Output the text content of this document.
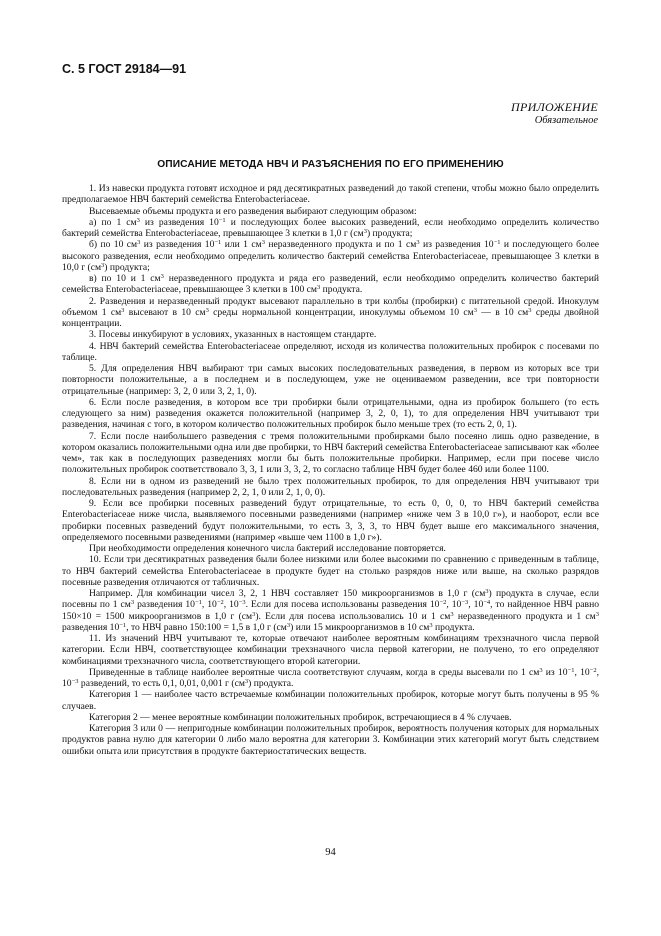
С. 5 ГОСТ 29184—91
ПРИЛОЖЕНИЕ
Обязательное
ОПИСАНИЕ МЕТОДА НВЧ И РАЗЪЯСНЕНИЯ ПО ЕГО ПРИМЕНЕНИЮ

1. Из навески продукта готовят исходное и ряд десятикратных разведений до такой степени, чтобы можно было определить предполагаемое НВЧ бактерий семейства Enterobacteriaceae.

Высеваемые объемы продукта и его разведения выбирают следующим образом:

а) по 1 $см^3$ из разведения $10^{-1}$ и последующих более высоких разведений, если необходимо определить количество бактерий семейства Enterobacteriaceae, превышающее 3 клетки в 1,0 г $(см^3)$ продукта;

б) по 10 $см^3$ из разведения $10^{-1}$ или 1 $см^3$ неразведенного продукта и по 1 $см^3$ из разведения $10^{-1}$ и последующего более высокого разведения, если необходимо определить количество бактерий семейства Enterobacteriaceae, превышающее 3 клетки в 10,0 г $(см^3)$ продукта;

в) по 10 и 1 $см^3$ неразведенного продукта и ряда его разведений, если необходимо определить количество бактерий семейства Enterobacteriaceae, превышающее 3 клетки в 100 $см^3$ продукта.

2. Разведения и неразведенный продукт высевают параллельно в три колбы (пробирки) с питательной средой. Инокулум объемом 1 $см^3$ высевают в 10 $см^3$ среды нормальной концентрации, инокулумы объемом 10 $см^3$ — в 10 $см^3$ среды двойной концентрации.

3. Посевы инкубируют в условиях, указанных в настоящем стандарте.

4. НВЧ бактерий семейства Enterobacteriaceae определяют, исходя из количества положительных пробирок с посевами по таблице.

5. Для определения НВЧ выбирают три самых высоких последовательных разведения, в первом из которых все три повторности положительные, а в последнем и в последующем, уже не оцениваемом разведении, все три повторности отрицательные (например: 3, 2, 0 или 3, 2, 1, 0).

6. Если после разведения, в котором все три пробирки были отрицательными, одна из пробирок большего (то есть следующего за ним) разведения окажется положительной (например 3, 2, 0, 1), то для определения НВЧ учитывают три разведения, начиная с того, в котором количество положительных пробирок было меньше трех (то есть 2, 0, 1).

7. Если после наибольшего разведения с тремя положительными пробирками было посеяно лишь одно разведение, в котором оказались положительными одна или две пробирки, то НВЧ бактерий семейства Enterobacteriaceae записывают как «более чем», так как в последующих разведениях могли бы быть положительные пробирки. Например, если при посеве число положительных пробирок соответствовало 3, 3, 1 или 3, 3, 2, то согласно таблице НВЧ будет более 460 или более 1100.

8. Если ни в одном из разведений не было трех положительных пробирок, то для определения НВЧ учитывают три последовательных разведения (например 2, 2, 1, 0 или 2, 1, 0, 0).

9. Если все пробирки посевных разведений будут отрицательные, то есть 0, 0, 0, то НВЧ бактерий семейства Enterobacteriaceae ниже числа, выявляемого посевными разведениями (например «ниже чем 3 в 10,0 г»), и наоборот, если все пробирки посевных разведений будут положительными, то есть 3, 3, 3, то НВЧ будет выше его максимального значения, определяемого посевными разведениями (например «выше чем 1100 в 1,0 г»).

При необходимости определения конечного числа бактерий исследование повторяется.

10. Если три десятикратных разведения были более низкими или более высокими по сравнению с приведенным в таблице, то НВЧ бактерий семейства Enterobacteriaceae в продукте будет на столько разрядов ниже или выше, на сколько разрядов посевные разведения отличаются от табличных.

Например. Для комбинации чисел 3, 2, 1 НВЧ составляет 150 микроорганизмов в 1,0 г $(см^3)$ продукта в случае, если посевны по 1 $см^3$ разведения $10^{-1}$, $10^{-2}$, $10^{-3}$. Если для посева использованы разведения $10^{-2}$, $10^{-3}$, $10^{-4}$, то найденное НВЧ равно 150×10 = 1500 микроорганизмов в 1,0 г $(см^3)$. Если для посева использовались 10 и 1 $см^3$ неразведенного продукта и 1 $см^3$ разведения $10^{-1}$, то НВЧ равно 150:100 = 1,5 в 1,0 г $(см^3)$ или 15 микроорганизмов в 10 $см^3$ продукта.

11. Из значений НВЧ учитывают те, которые отвечают наиболее вероятным комбинациям трехзначного числа первой категории. Если НВЧ, соответствующее комбинации трехзначного числа первой категории, не получено, то его определяют комбинациями трехзначного числа, соответствующего второй категории.

Приведенные в таблице наиболее вероятные числа соответствуют случаям, когда в среды высевали по 1 $см^3$ из $10^{-1}$, $10^{-2}$, $10^{-3}$ разведений, то есть 0,1, 0,01, 0,001 г $(см^3)$ продукта.

Категория 1 — наиболее часто встречаемые комбинации положительных пробирок, которые могут быть получены в 95 % случаев.

Категория 2 — менее вероятные комбинации положительных пробирок, встречающиеся в 4 % случаев.

Категория 3 или 0 — непригодные комбинации положительных пробирок, вероятность получения которых для нормальных продуктов равна нулю для категории 0 либо мало вероятна для категории 3. Комбинации этих категорий могут быть следствием ошибки опыта или присутствия в продукте бактериостатических веществ.

94
